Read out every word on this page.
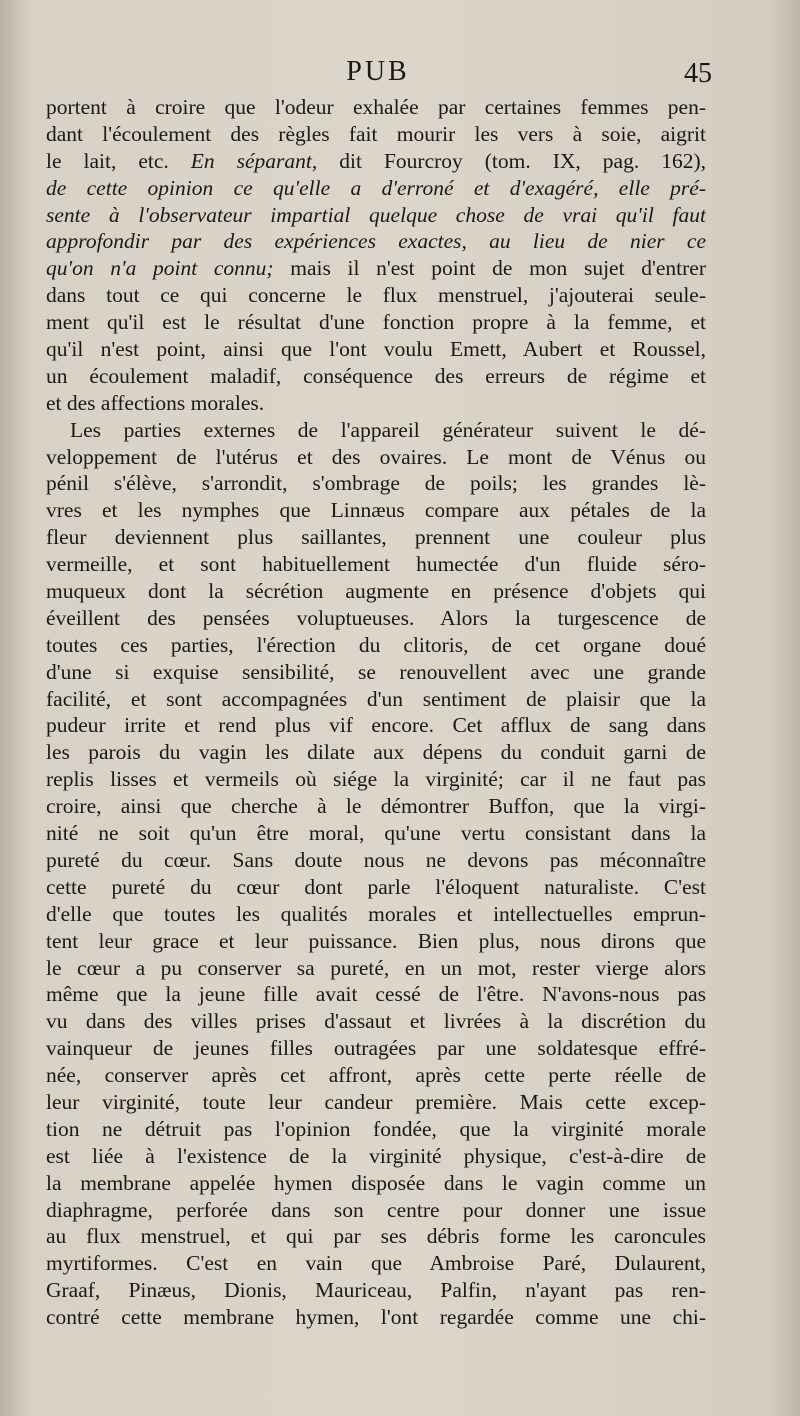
PUB	45
portent à croire que l'odeur exhalée par certaines femmes pen-
dant l'écoulement des règles fait mourir les vers à soie, aigrit
le lait, etc. En séparant, dit Fourcroy (tom. IX, pag. 162),
de cette opinion ce qu'elle a d'erroné et d'exagéré, elle pré-
sente à l'observateur impartial quelque chose de vrai qu'il faut
approfondir par des expériences exactes, au lieu de nier ce
qu'on n'a point connu; mais il n'est point de mon sujet d'entrer
dans tout ce qui concerne le flux menstruel, j'ajouterai seule-
ment qu'il est le résultat d'une fonction propre à la femme, et
qu'il n'est point, ainsi que l'ont voulu Emett, Aubert et Roussel,
un écoulement maladif, conséquence des erreurs de régime et
et des affections morales.
Les parties externes de l'appareil générateur suivent le dé-
veloppement de l'utérus et des ovaires. Le mont de Vénus ou
pénil s'élève, s'arrondit, s'ombrage de poils; les grandes lè-
vres et les nymphes que Linnæus compare aux pétales de la
fleur deviennent plus saillantes, prennent une couleur plus
vermeille, et sont habituellement humectée d'un fluide séro-
muqueux dont la sécrétion augmente en présence d'objets qui
éveillent des pensées voluptueuses. Alors la turgescence de
toutes ces parties, l'érection du clitoris, de cet organe doué
d'une si exquise sensibilité, se renouvellent avec une grande
facilité, et sont accompagnées d'un sentiment de plaisir que la
pudeur irrite et rend plus vif encore. Cet afflux de sang dans
les parois du vagin les dilate aux dépens du conduit garni de
replis lisses et vermeils où siége la virginité; car il ne faut pas
croire, ainsi que cherche à le démontrer Buffon, que la virgi-
nité ne soit qu'un être moral, qu'une vertu consistant dans la
pureté du cœur. Sans doute nous ne devons pas méconnaître
cette pureté du cœur dont parle l'éloquent naturaliste. C'est
d'elle que toutes les qualités morales et intellectuelles emprun-
tent leur grace et leur puissance. Bien plus, nous dirons que
le cœur a pu conserver sa pureté, en un mot, rester vierge alors
même que la jeune fille avait cessé de l'être. N'avons-nous pas
vu dans des villes prises d'assaut et livrées à la discrétion du
vainqueur de jeunes filles outragées par une soldatesque effré-
née, conserver après cet affront, après cette perte réelle de
leur virginité, toute leur candeur première. Mais cette excep-
tion ne détruit pas l'opinion fondée, que la virginité morale
est liée à l'existence de la virginité physique, c'est-à-dire de
la membrane appelée hymen disposée dans le vagin comme un
diaphragme, perforée dans son centre pour donner une issue
au flux menstruel, et qui par ses débris forme les caroncules
myrtiformes. C'est en vain que Ambroise Paré, Dulaurent,
Graaf, Pinæus, Dionis, Mauriceau, Palfin, n'ayant pas ren-
contré cette membrane hymen, l'ont regardée comme une chi-
